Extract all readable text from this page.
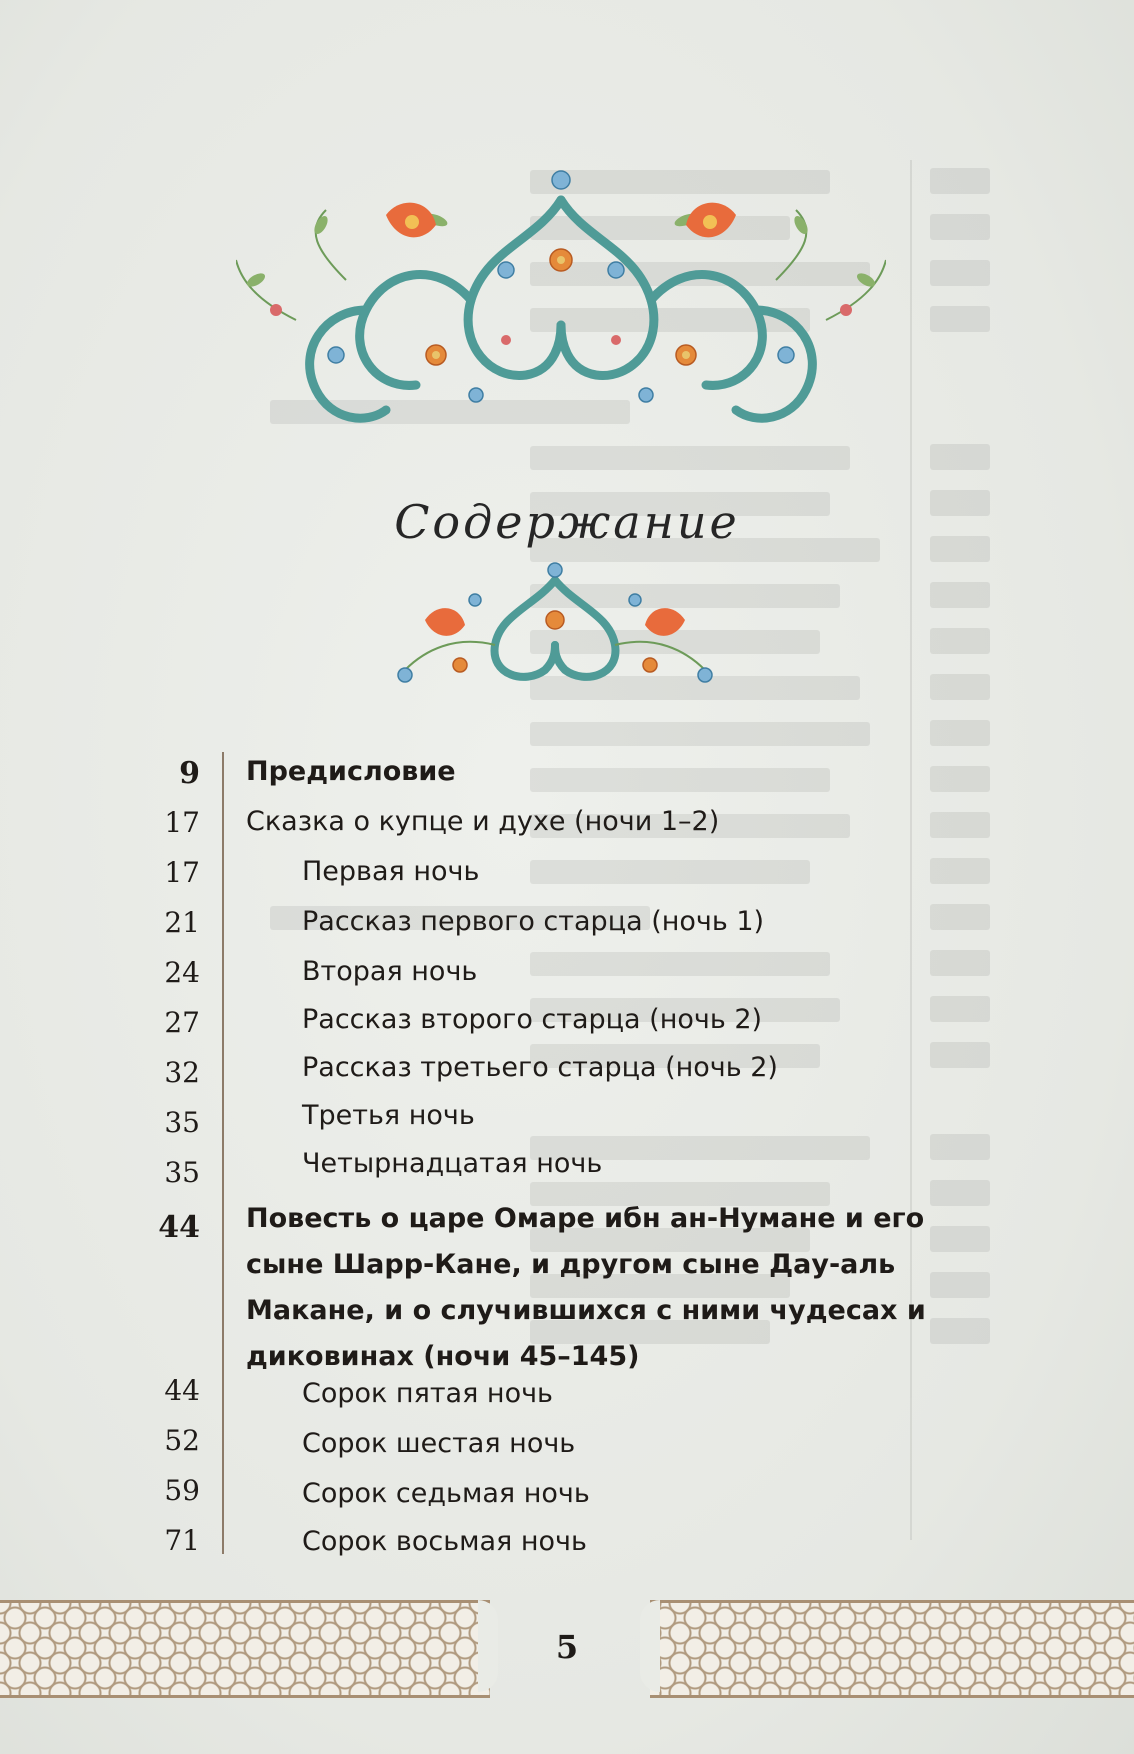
Содержание
9 Предисловие
17 Сказка о купце и духе (ночи 1–2)
17	Первая ночь
21	Рассказ первого старца (ночь 1)
24	Вторая ночь
27	Рассказ второго старца (ночь 2)
32	Рассказ третьего старца (ночь 2)
35	Третья ночь
35	Четырнадцатая ночь
44 Повесть о царе Омаре ибн ан-Нумане и его сыне Шарр-Кане, и другом сыне Дау-аль Макане, и о случившихся с ними чудесах и диковинах (ночи 45–145)
44	Сорок пятая ночь
52	Сорок шестая ночь
59	Сорок седьмая ночь
71	Сорок восьмая ночь
5
